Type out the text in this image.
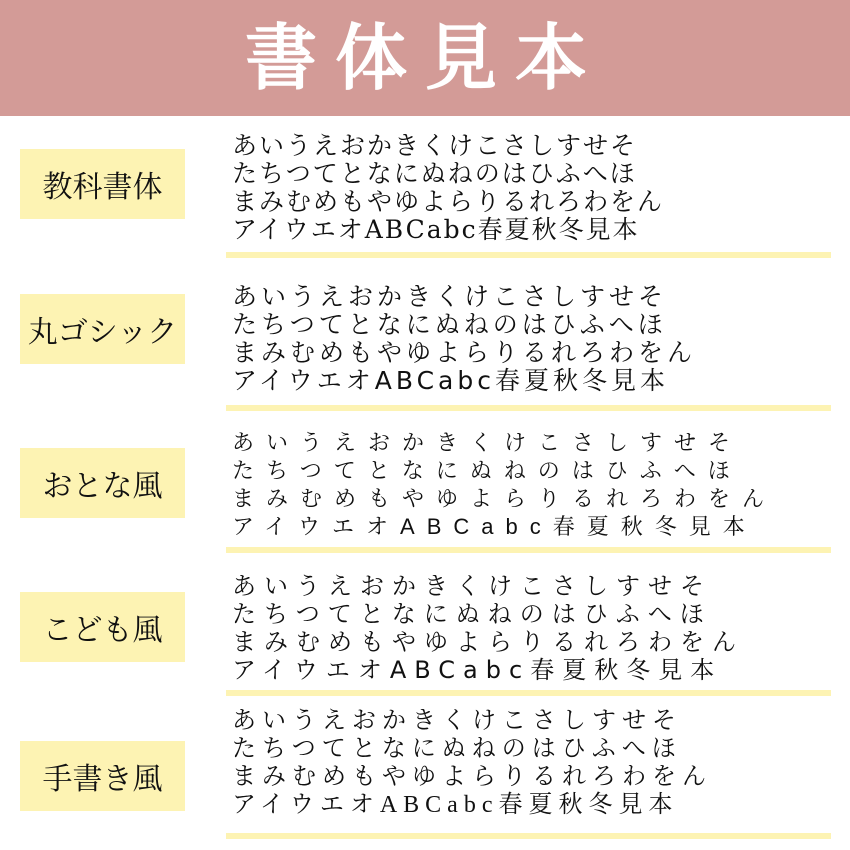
書体見本
教科書体
あいうえおかきくけこさしすせそ
たちつてとなにぬねのはひふへほ
まみむめもやゆよらりるれろわをん
アイウエオABCabc春夏秋冬見本
丸ゴシック
あいうえおかきくけこさしすせそ
たちつてとなにぬねのはひふへほ
まみむめもやゆよらりるれろわをん
アイウエオABCabc春夏秋冬見本
おとな風
あいうえおかきくけこさしすせそ
たちつてとなにぬねのはひふへほ
まみむめもやゆよらりるれろわをん
アイウエオABCabc春夏秋冬見本
こども風
あいうえおかきくけこさしすせそ
たちつてとなにぬねのはひふへほ
まみむめもやゆよらりるれろわをん
アイウエオABCabc春夏秋冬見本
手書き風
あいうえおかきくけこさしすせそ
たちつてとなにぬねのはひふへほ
まみむめもやゆよらりるれろわをん
アイウエオABCabc春夏秋冬見本
